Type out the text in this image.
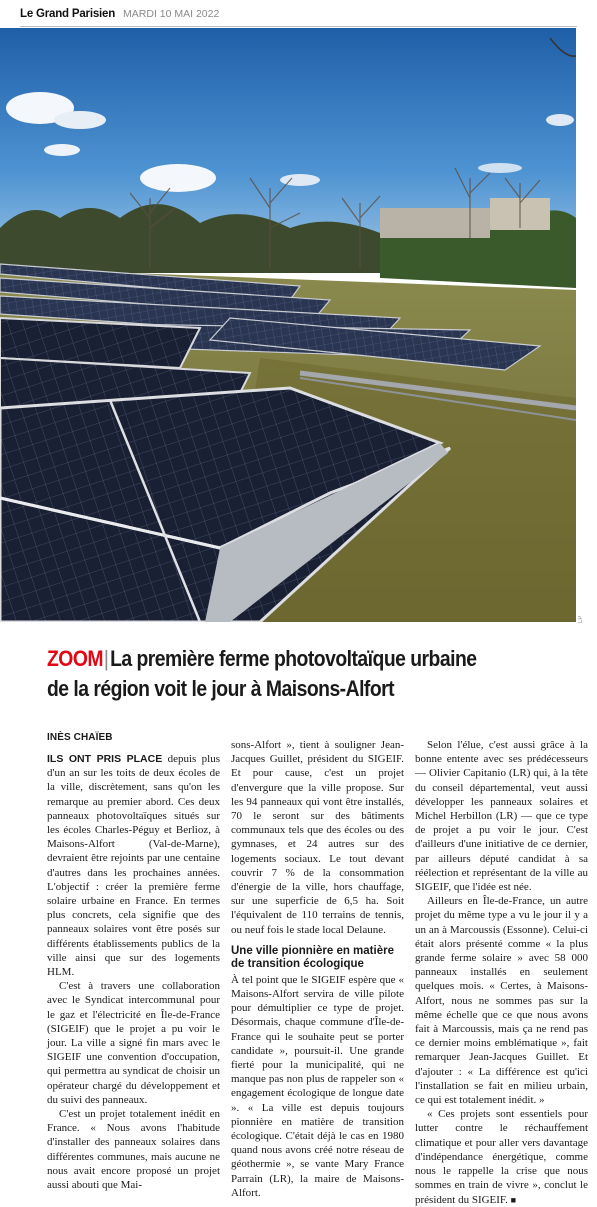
Le Grand Parisien MARDI 10 MAI 2022
LP
ZOOM|La première ferme photovoltaïque urbaine
de la région voit le jour à Maisons-Alfort
INÈS CHAÏEB

ILS ONT PRIS PLACE depuis plus d'un an sur les toits de deux écoles de la ville, discrètement, sans qu'on les remarque au premier abord. Ces deux panneaux photovoltaïques situés sur les écoles Charles-Péguy et Berlioz, à Maisons-Alfort (Val-de-Marne), devraient être rejoints par une centaine d'autres dans les prochaines années. L'objectif : créer la première ferme solaire urbaine en France. En termes plus concrets, cela signifie que des panneaux solaires vont être posés sur différents établissements publics de la ville ainsi que sur des logements HLM.

C'est à travers une collaboration avec le Syndicat intercommunal pour le gaz et l'électricité en Île-de-France (SIGEIF) que le projet a pu voir le jour. La ville a signé fin mars avec le SIGEIF une convention d'occupation, qui permettra au syndicat de choisir un opérateur chargé du développement et du suivi des panneaux.

C'est un projet totalement inédit en France. « Nous avons l'habitude d'installer des panneaux solaires dans différentes communes, mais aucune ne nous avait encore proposé un projet aussi abouti que Mai-

sons-Alfort », tient à souligner Jean-Jacques Guillet, président du SIGEIF. Et pour cause, c'est un projet d'envergure que la ville propose. Sur les 94 panneaux qui vont être installés, 70 le seront sur des bâtiments communaux tels que des écoles ou des gymnases, et 24 autres sur des logements sociaux. Le tout devant couvrir 7 % de la consommation d'énergie de la ville, hors chauffage, sur une superficie de 6,5 ha. Soit l'équivalent de 110 terrains de tennis, ou neuf fois le stade local Delaune.

Une ville pionnière en matière de transition écologique

À tel point que le SIGEIF espère que « Maisons-Alfort servira de ville pilote pour démultiplier ce type de projet. Désormais, chaque commune d'Île-de-France qui le souhaite peut se porter candidate », poursuit-il. Une grande fierté pour la municipalité, qui ne manque pas non plus de rappeler son « engagement écologique de longue date ». « La ville est depuis toujours pionnière en matière de transition écologique. C'était déjà le cas en 1980 quand nous avons créé notre réseau de géothermie », se vante Mary France Parrain (LR), la maire de Maisons-Alfort.

Selon l'élue, c'est aussi grâce à la bonne entente avec ses prédécesseurs — Olivier Capitanio (LR) qui, à la tête du conseil départemental, veut aussi développer les panneaux solaires et Michel Herbillon (LR) — que ce type de projet a pu voir le jour. C'est d'ailleurs d'une initiative de ce dernier, par ailleurs député candidat à sa réélection et représentant de la ville au SIGEIF, que l'idée est née.

Ailleurs en Île-de-France, un autre projet du même type a vu le jour il y a un an à Marcoussis (Essonne). Celui-ci était alors présenté comme « la plus grande ferme solaire » avec 58 000 panneaux installés en seulement quelques mois. « Certes, à Maisons-Alfort, nous ne sommes pas sur la même échelle que ce que nous avons fait à Marcoussis, mais ça ne rend pas ce dernier moins emblématique », fait remarquer Jean-Jacques Guillet. Et d'ajouter : « La différence est qu'ici l'installation se fait en milieu urbain, ce qui est totalement inédit. »

« Ces projets sont essentiels pour lutter contre le réchauffement climatique et pour aller vers davantage d'indépendance énergétique, comme nous le rappelle la crise que nous sommes en train de vivre », conclut le président du SIGEIF. ■
